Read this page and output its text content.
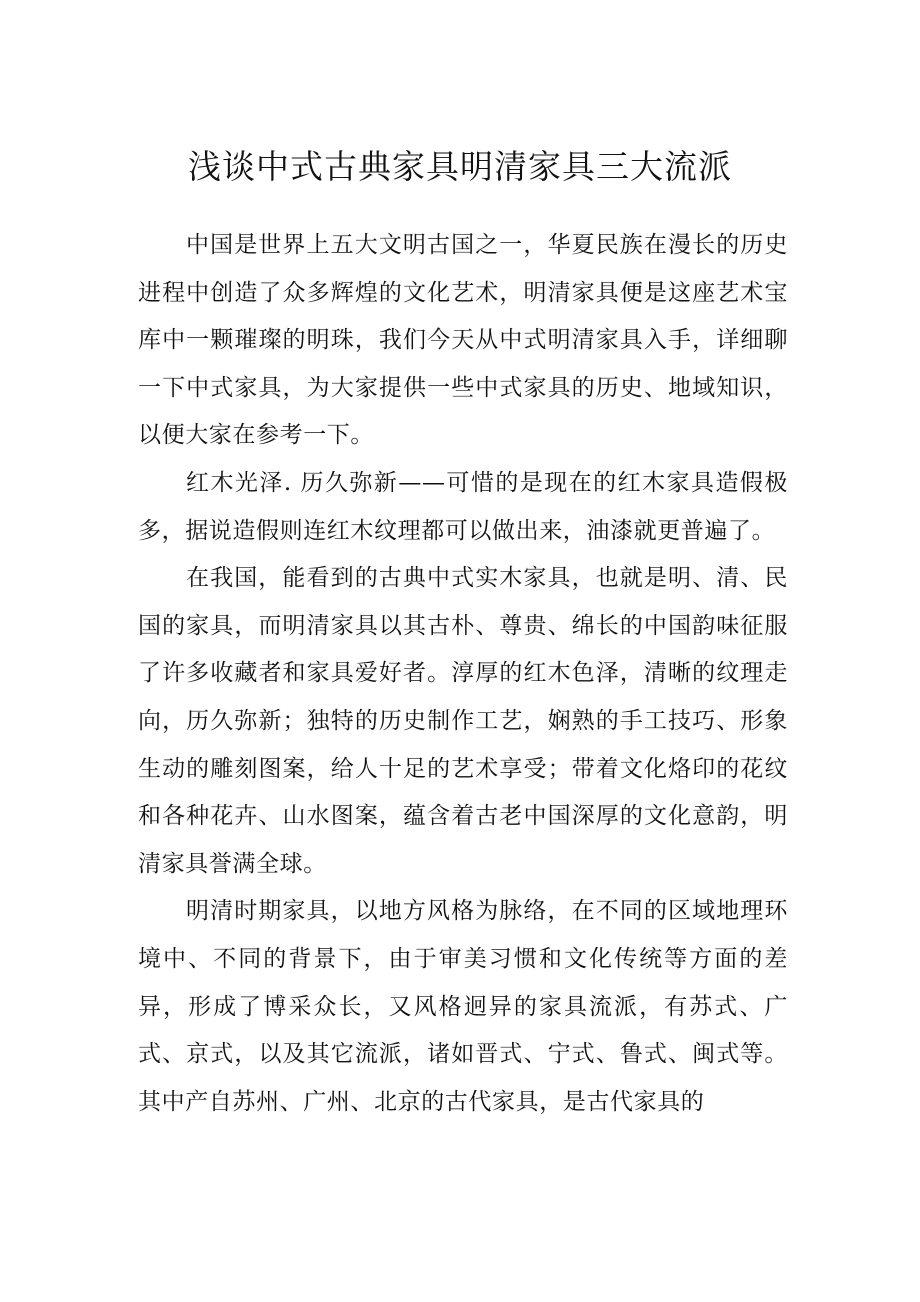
浅谈中式古典家具明清家具三大流派

中国是世界上五大文明古国之一，华夏民族在漫长的历史进程中创造了众多辉煌的文化艺术，明清家具便是这座艺术宝库中一颗璀璨的明珠，我们今天从中式明清家具入手，详细聊一下中式家具，为大家提供一些中式家具的历史、地域知识，以便大家在参考一下。

红木光泽. 历久弥新——可惜的是现在的红木家具造假极多，据说造假则连红木纹理都可以做出来，油漆就更普遍了。

在我国，能看到的古典中式实木家具，也就是明、清、民国的家具，而明清家具以其古朴、尊贵、绵长的中国韵味征服了许多收藏者和家具爱好者。淳厚的红木色泽，清晰的纹理走向，历久弥新；独特的历史制作工艺，娴熟的手工技巧、形象生动的雕刻图案，给人十足的艺术享受；带着文化烙印的花纹和各种花卉、山水图案，蕴含着古老中国深厚的文化意韵，明清家具誉满全球。

明清时期家具，以地方风格为脉络，在不同的区域地理环境中、不同的背景下，由于审美习惯和文化传统等方面的差异，形成了博采众长，又风格迥异的家具流派，有苏式、广式、京式，以及其它流派，诸如晋式、宁式、鲁式、闽式等。其中产自苏州、广州、北京的古代家具，是古代家具的
